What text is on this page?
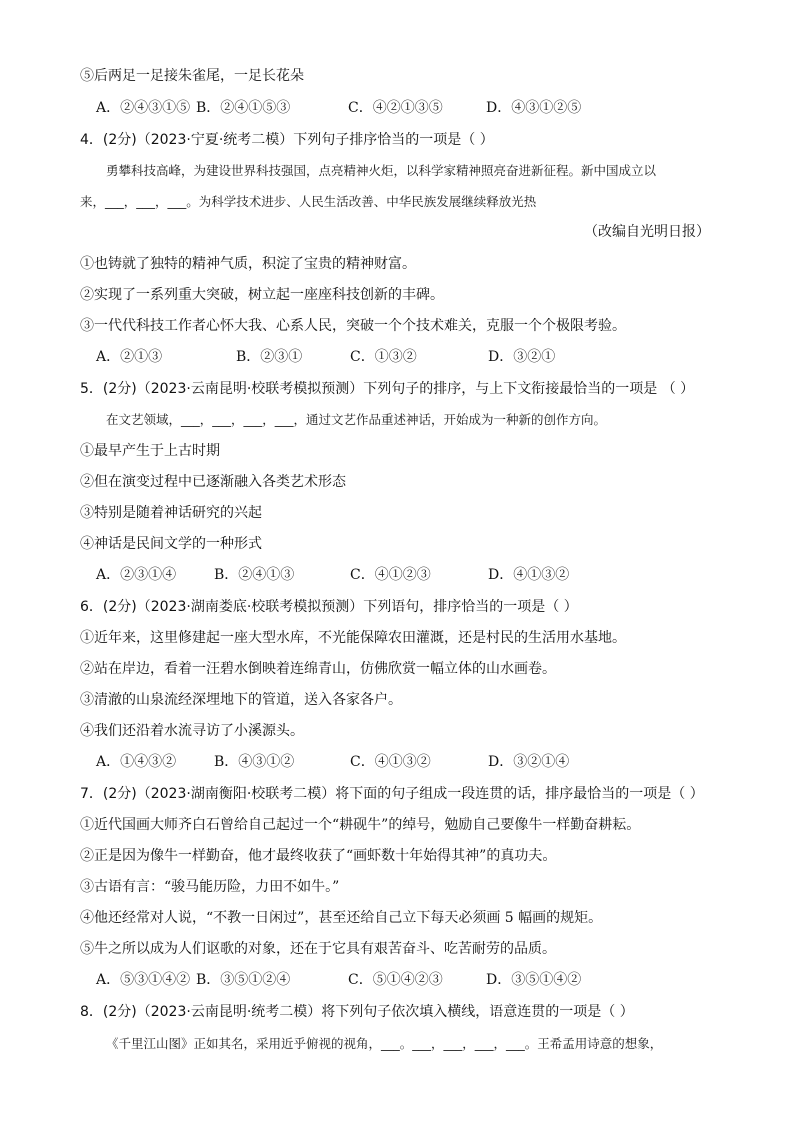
⑤后两足一足接朱雀尾，一足长花朵
A．②④③①⑤ B．②④①⑤③	C．④②①③⑤	D．④③①②⑤
4．(2分)（2023·宁夏·统考二模）下列句子排序恰当的一项是（ ）
勇攀科技高峰，为建设世界科技强国，点亮精神火炬，以科学家精神照亮奋进新征程。新中国成立以
来，___，___，___。为科学技术进步、人民生活改善、中华民族发展继续释放光热
（改编自光明日报）
①也铸就了独特的精神气质，积淀了宝贵的精神财富。
②实现了一系列重大突破，树立起一座座科技创新的丰碑。
③一代代科技工作者心怀大我、心系人民，突破一个个技术难关，克服一个个极限考验。
A．②①③	B．②③①	C．①③②	D．③②①
5．(2分)（2023·云南昆明·校联考模拟预测）下列句子的排序，与上下文衔接最恰当的一项是 （ ）
在文艺领域，___，___，___，___，通过文艺作品重述神话，开始成为一种新的创作方向。
①最早产生于上古时期
②但在演变过程中已逐渐融入各类艺术形态
③特别是随着神话研究的兴起
④神话是民间文学的一种形式
A．②③①④	B．②④①③	C．④①②③	D．④①③②
6．(2分)（2023·湖南娄底·校联考模拟预测）下列语句，排序恰当的一项是（ ）
①近年来，这里修建起一座大型水库，不光能保障农田灌溉，还是村民的生活用水基地。
②站在岸边，看着一汪碧水倒映着连绵青山，仿佛欣赏一幅立体的山水画卷。
③清澈的山泉流经深埋地下的管道，送入各家各户。
④我们还沿着水流寻访了小溪源头。
A．①④③②	B．④③①②	C．④①③②	D．③②①④
7．(2分)（2023·湖南衡阳·校联考二模）将下面的句子组成一段连贯的话，排序最恰当的一项是（ ）
①近代国画大师齐白石曾给自己起过一个“耕砚牛”的绰号，勉励自己要像牛一样勤奋耕耘。
②正是因为像牛一样勤奋，他才最终收获了“画虾数十年始得其神”的真功夫。
③古语有言：“骏马能历险，力田不如牛。”
④他还经常对人说，“不教一日闲过”，甚至还给自己立下每天必须画 5 幅画的规矩。
⑤牛之所以成为人们讴歌的对象，还在于它具有艰苦奋斗、吃苦耐劳的品质。
A．⑤③①④② B．③⑤①②④	C．⑤①④②③	D．③⑤①④②
8．(2分)（2023·云南昆明·统考二模）将下列句子依次填入横线，语意连贯的一项是（ ）
《千里江山图》正如其名，采用近乎俯视的视角，___。___，___，___，___。王希孟用诗意的想象，
